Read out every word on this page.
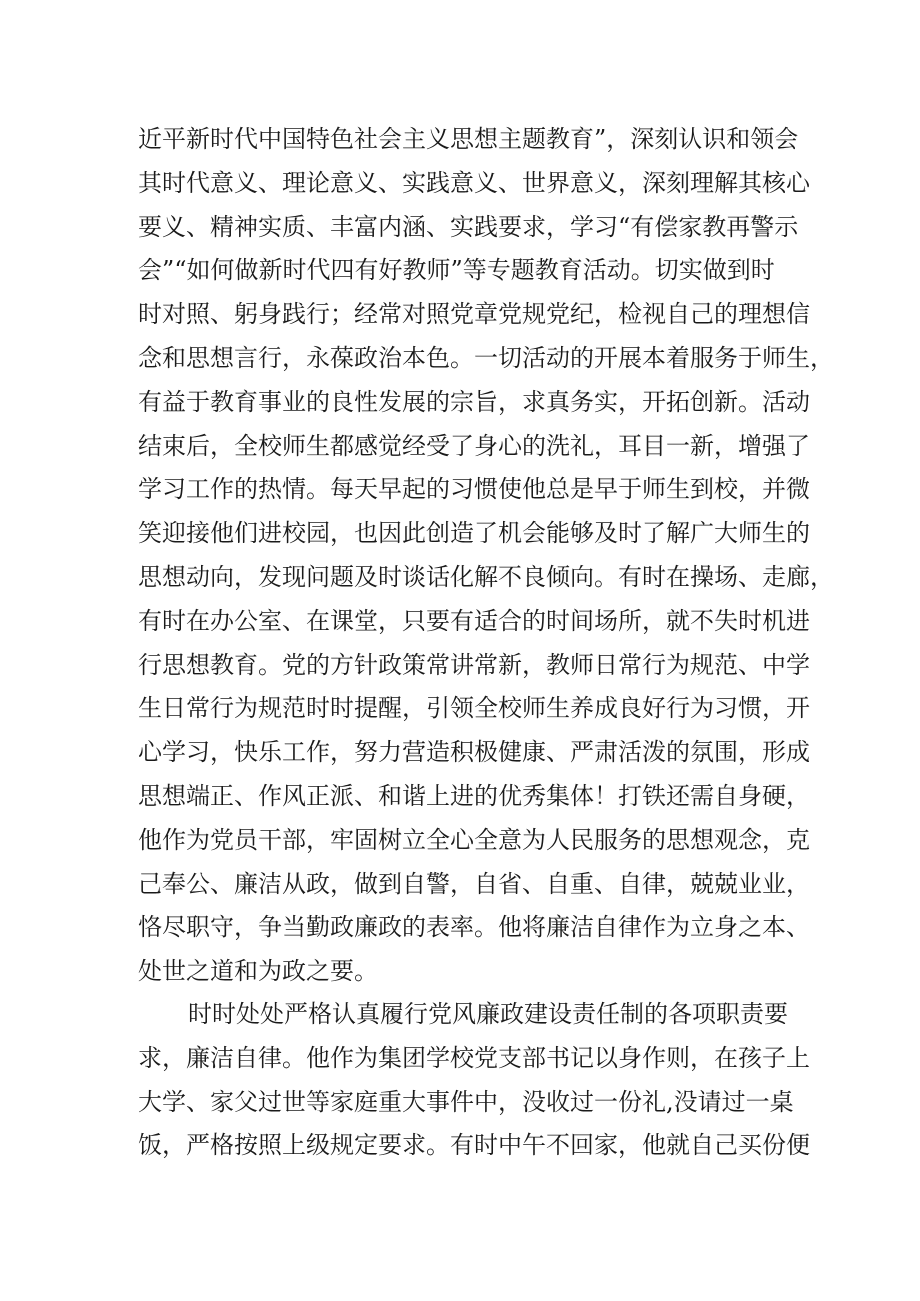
近平新时代中国特色社会主义思想主题教育”，深刻认识和领会
其时代意义、理论意义、实践意义、世界意义，深刻理解其核心
要义、精神实质、丰富内涵、实践要求，学习“有偿家教再警示
会”“如何做新时代四有好教师”等专题教育活动。切实做到时
时对照、躬身践行；经常对照党章党规党纪，检视自己的理想信
念和思想言行，永葆政治本色。一切活动的开展本着服务于师生，
有益于教育事业的良性发展的宗旨，求真务实，开拓创新。活动
结束后，全校师生都感觉经受了身心的洗礼，耳目一新，增强了
学习工作的热情。每天早起的习惯使他总是早于师生到校，并微
笑迎接他们进校园，也因此创造了机会能够及时了解广大师生的
思想动向，发现问题及时谈话化解不良倾向。有时在操场、走廊，
有时在办公室、在课堂，只要有适合的时间场所，就不失时机进
行思想教育。党的方针政策常讲常新，教师日常行为规范、中学
生日常行为规范时时提醒，引领全校师生养成良好行为习惯，开
心学习，快乐工作，努力营造积极健康、严肃活泼的氛围，形成
思想端正、作风正派、和谐上进的优秀集体！打铁还需自身硬，
他作为党员干部，牢固树立全心全意为人民服务的思想观念，克
己奉公、廉洁从政，做到自警，自省、自重、自律，兢兢业业，
恪尽职守，争当勤政廉政的表率。他将廉洁自律作为立身之本、
处世之道和为政之要。
时时处处严格认真履行党风廉政建设责任制的各项职责要
求，廉洁自律。他作为集团学校党支部书记以身作则，在孩子上
大学、家父过世等家庭重大事件中，没收过一份礼,没请过一桌
饭，严格按照上级规定要求。有时中午不回家，他就自己买份便
